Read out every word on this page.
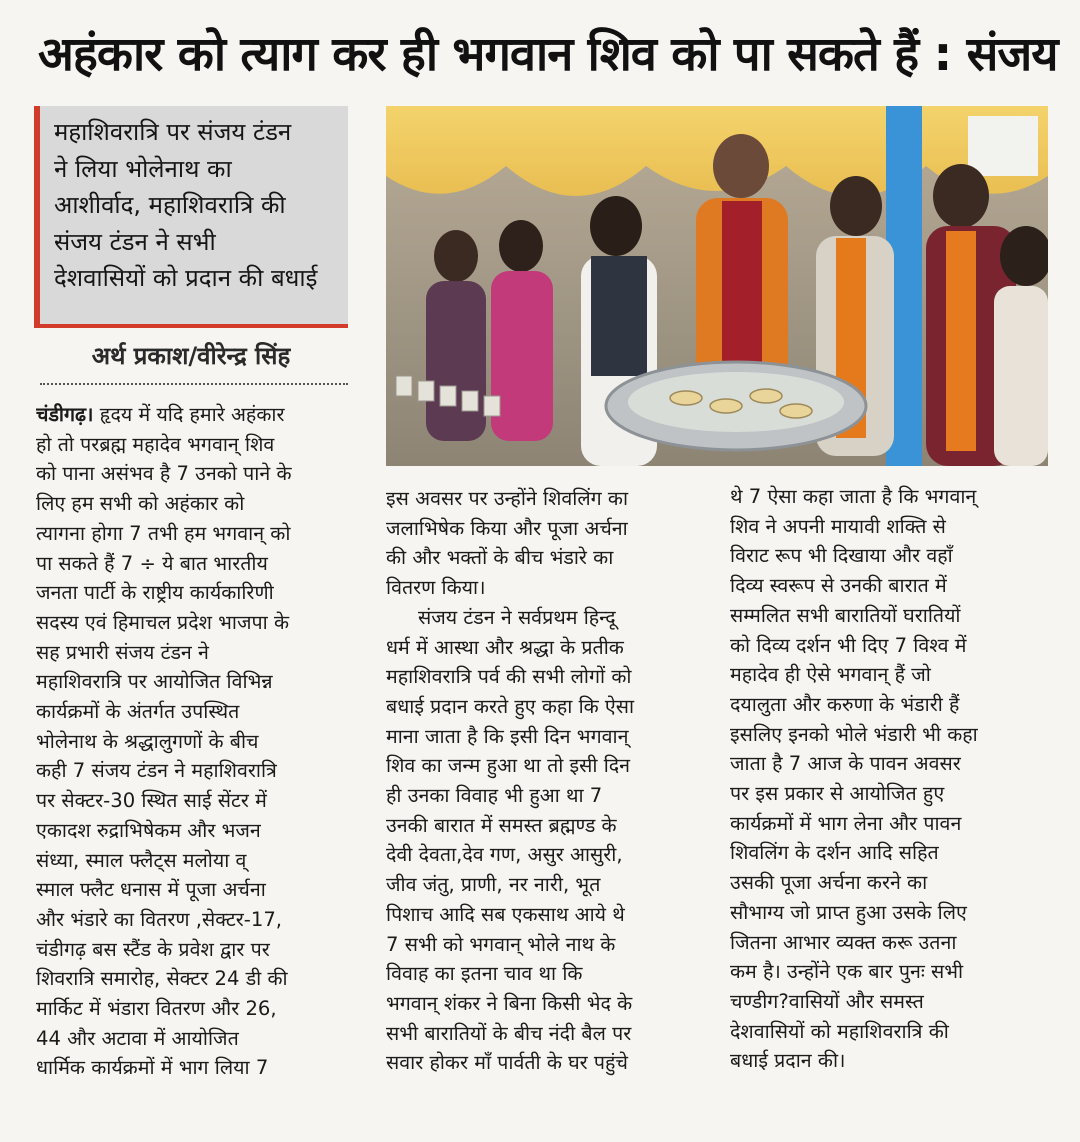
अहंकार को त्याग कर ही भगवान शिव को पा सकते हैं : संजय

महाशिवरात्रि पर संजय टंडन

ने लिया भोलेनाथ का

आशीर्वाद, महाशिवरात्रि की

संजय टंडन ने सभी

देशवासियों को प्रदान की बधाई

अर्थ प्रकाश/वीरेन्द्र सिंह
चंडीगढ़। हृदय में यदि हमारे अहंकार
हो तो परब्रह्म महादेव भगवान् शिव
को पाना असंभव है 7 उनको पाने के
लिए हम सभी को अहंकार को
त्यागना होगा 7 तभी हम भगवान् को
पा सकते हैं 7 ÷ ये बात भारतीय
जनता पार्टी के राष्ट्रीय कार्यकारिणी
सदस्य एवं हिमाचल प्रदेश भाजपा के
सह प्रभारी संजय टंडन ने
महाशिवरात्रि पर आयोजित विभिन्न
कार्यक्रमों के अंतर्गत उपस्थित
भोलेनाथ के श्रद्धालुगणों के बीच
कही 7 संजय टंडन ने महाशिवरात्रि
पर सेक्टर-30 स्थित साई सेंटर में
एकादश रुद्राभिषेकम और भजन
संध्या, स्माल फ्लैट्स मलोया व्
स्माल फ्लैट धनास में पूजा अर्चना
और भंडारे का वितरण ,सेक्टर-17,
चंडीगढ़ बस स्टैंड के प्रवेश द्वार पर
शिवरात्रि समारोह, सेक्टर 24 डी की
मार्किट में भंडारा वितरण और 26,
44 और अटावा में आयोजित
धार्मिक कार्यक्रमों में भाग लिया 7
इस अवसर पर उन्होंने शिवलिंग का
जलाभिषेक किया और पूजा अर्चना
की और भक्तों के बीच भंडारे का
वितरण किया।
संजय टंडन ने सर्वप्रथम हिन्दू
धर्म में आस्था और श्रद्धा के प्रतीक
महाशिवरात्रि पर्व की सभी लोगों को
बधाई प्रदान करते हुए कहा कि ऐसा
माना जाता है कि इसी दिन भगवान्
शिव का जन्म हुआ था तो इसी दिन
ही उनका विवाह भी हुआ था 7
उनकी बारात में समस्त ब्रह्मण्ड के
देवी देवता,देव गण, असुर आसुरी,
जीव जंतु, प्राणी, नर नारी, भूत
पिशाच आदि सब एकसाथ आये थे
7 सभी को भगवान् भोले नाथ के
विवाह का इतना चाव था कि
भगवान् शंकर ने बिना किसी भेद के
सभी बारातियों के बीच नंदी बैल पर
सवार होकर माँ पार्वती के घर पहुंचे
थे 7 ऐसा कहा जाता है कि भगवान्
शिव ने अपनी मायावी शक्ति से
विराट रूप भी दिखाया और वहाँ
दिव्य स्वरूप से उनकी बारात में
सम्मलित सभी बारातियों घरातियों
को दिव्य दर्शन भी दिए 7 विश्व में
महादेव ही ऐसे भगवान् हैं जो
दयालुता और करुणा के भंडारी हैं
इसलिए इनको भोले भंडारी भी कहा
जाता है 7 आज के पावन अवसर
पर इस प्रकार से आयोजित हुए
कार्यक्रमों में भाग लेना और पावन
शिवलिंग के दर्शन आदि सहित
उसकी पूजा अर्चना करने का
सौभाग्य जो प्राप्त हुआ उसके लिए
जितना आभार व्यक्त करू उतना
कम है। उन्होंने एक बार पुनः सभी
चण्डीग?वासियों और समस्त
देशवासियों को महाशिवरात्रि की
बधाई प्रदान की।
